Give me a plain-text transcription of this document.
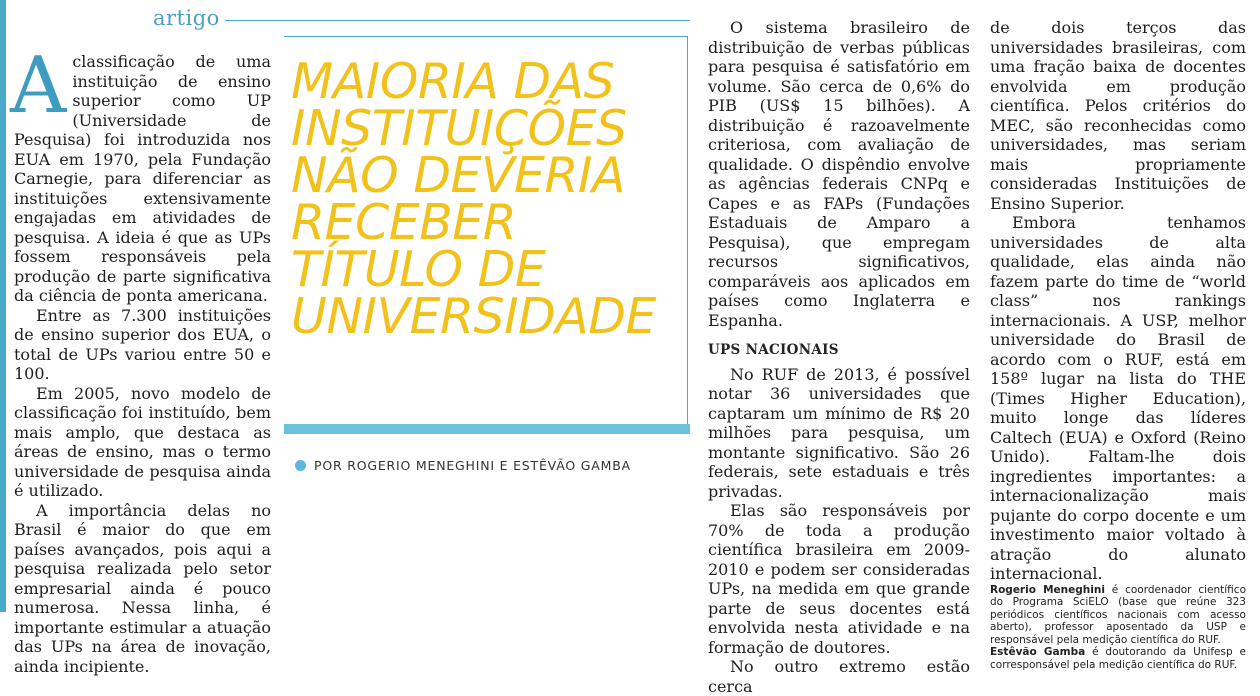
artigo

Aclassificação de uma instituição de ensino superior como UP (Universidade de Pesquisa) foi introduzida nos EUA em 1970, pela Fundação Carnegie, para diferenciar as instituições extensivamente engajadas em atividades de pesquisa. A ideia é que as UPs fossem responsáveis pela produção de parte significativa da ciência de ponta americana.

Entre as 7.300 instituições de ensino superior dos EUA, o total de UPs variou entre 50 e 100.

Em 2005, novo modelo de classificação foi instituído, bem mais amplo, que destaca as áreas de ensino, mas o termo universidade de pesquisa ainda é utilizado.

A importância delas no Brasil é maior do que em países avançados, pois aqui a pesquisa realizada pelo setor empresarial ainda é pouco numerosa. Nessa linha, é importante estimular a atuação das UPs na área de inovação, ainda incipiente.

MAIORIA DAS INSTITUIÇÕES NÃO DEVERIA RECEBER TÍTULO DE UNIVERSIDADE
POR ROGERIO MENEGHINI E ESTÊVÃO GAMBA

O sistema brasileiro de distribuição de verbas públicas para pesquisa é satisfatório em volume. São cerca de 0,6% do PIB (US$ 15 bilhões). A distribuição é razoavelmente criteriosa, com avaliação de qualidade. O dispêndio envolve as agências federais CNPq e Capes e as FAPs (Fundações Estaduais de Amparo a Pesquisa), que empregam recursos significativos, comparáveis aos aplicados em países como Inglaterra e Espanha.

UPS NACIONAIS

No RUF de 2013, é possível notar 36 universidades que captaram um mínimo de R$ 20 milhões para pesquisa, um montante significativo. São 26 federais, sete estaduais e três privadas.

Elas são responsáveis por 70% de toda a produção científica brasileira em 2009-2010 e podem ser consideradas UPs, na medida em que grande parte de seus docentes está envolvida nesta atividade e na formação de doutores.

No outro extremo estão cerca

de dois terços das universidades brasileiras, com uma fração baixa de docentes envolvida em produção científica. Pelos critérios do MEC, são reconhecidas como universidades, mas seriam mais propriamente consideradas Instituições de Ensino Superior.

Embora tenhamos universidades de alta qualidade, elas ainda não fazem parte do time de “world class” nos rankings internacionais. A USP, melhor universidade do Brasil de acordo com o RUF, está em 158º lugar na lista do THE (Times Higher Education), muito longe das líderes Caltech (EUA) e Oxford (Reino Unido). Faltam-lhe dois ingredientes importantes: a internacionalização mais pujante do corpo docente e um investimento maior voltado à atração do alunato internacional.

Rogerio Meneghini é coordenador científico do Programa SciELO (base que reúne 323 periódicos científicos nacionais com acesso aberto), professor aposentado da USP e responsável pela medição científica do RUF.

Estêvão Gamba é doutorando da Unifesp e corresponsável pela medição científica do RUF.
